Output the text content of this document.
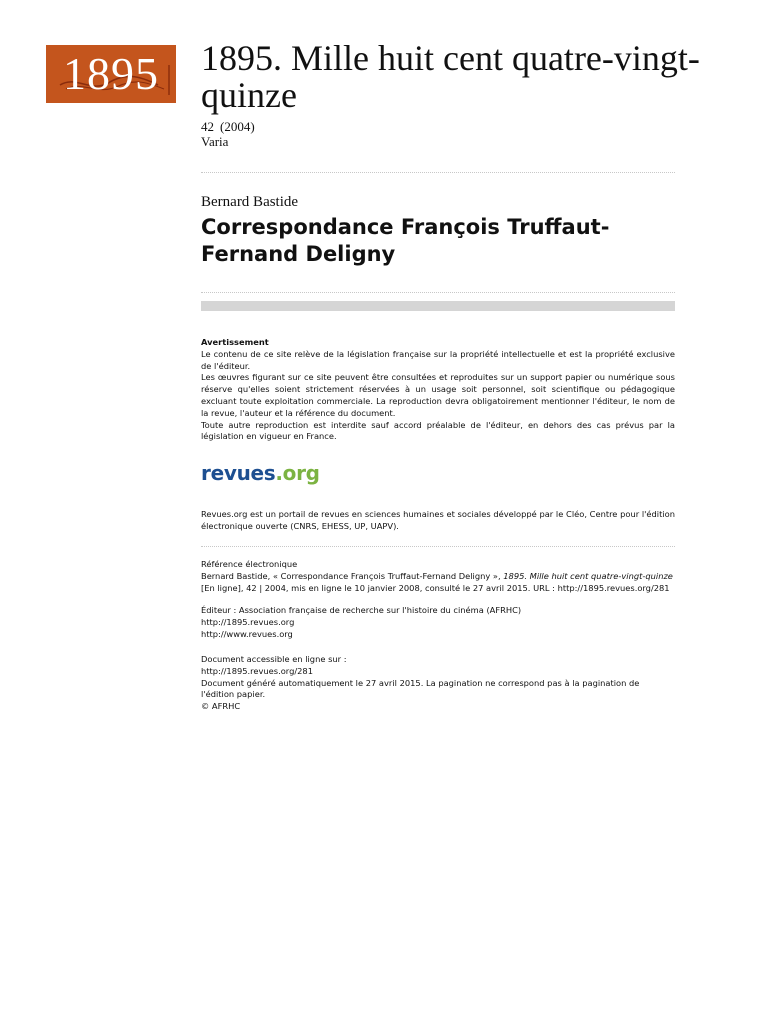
1895	1895. Mille huit cent quatre-vingt-quinze
42 (2004)
Varia
Bernard Bastide
Correspondance François Truffaut-Fernand Deligny

Avertissement

Le contenu de ce site relève de la législation française sur la propriété intellectuelle et est la propriété exclusive de l'éditeur.

Les œuvres figurant sur ce site peuvent être consultées et reproduites sur un support papier ou numérique sous réserve qu'elles soient strictement réservées à un usage soit personnel, soit scientifique ou pédagogique excluant toute exploitation commerciale. La reproduction devra obligatoirement mentionner l'éditeur, le nom de la revue, l'auteur et la référence du document.

Toute autre reproduction est interdite sauf accord préalable de l'éditeur, en dehors des cas prévus par la législation en vigueur en France.

revues.org
Revues.org est un portail de revues en sciences humaines et sociales développé par le Cléo, Centre pour l'édition électronique ouverte (CNRS, EHESS, UP, UAPV).

Référence électronique

Bernard Bastide, « Correspondance François Truffaut-Fernand Deligny », 1895. Mille huit cent quatre-vingt-quinze [En ligne], 42 | 2004, mis en ligne le 10 janvier 2008, consulté le 27 avril 2015. URL : http://1895.revues.org/281

Éditeur : Association française de recherche sur l'histoire du cinéma (AFRHC)

http://1895.revues.org

http://www.revues.org

Document accessible en ligne sur :

http://1895.revues.org/281

Document généré automatiquement le 27 avril 2015. La pagination ne correspond pas à la pagination de l'édition papier.

© AFRHC
